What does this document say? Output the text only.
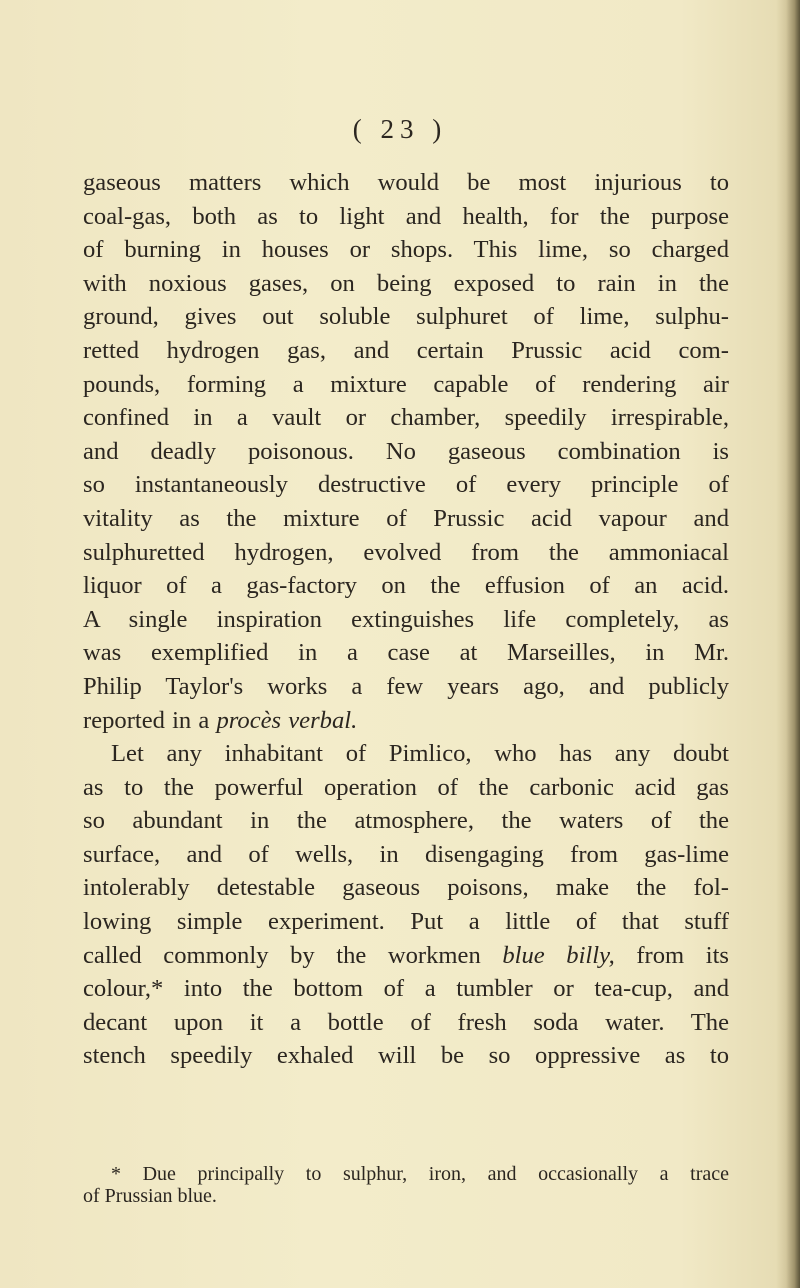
( 23 )
gaseous matters which would be most injurious to
coal-gas, both as to light and health, for the purpose
of burning in houses or shops. This lime, so charged
with noxious gases, on being exposed to rain in the
ground, gives out soluble sulphuret of lime, sulphu-
retted hydrogen gas, and certain Prussic acid com-
pounds, forming a mixture capable of rendering air
confined in a vault or chamber, speedily irrespirable,
and deadly poisonous. No gaseous combination is
so instantaneously destructive of every principle of
vitality as the mixture of Prussic acid vapour and
sulphuretted hydrogen, evolved from the ammoniacal
liquor of a gas-factory on the effusion of an acid.
A single inspiration extinguishes life completely, as
was exemplified in a case at Marseilles, in Mr.
Philip Taylor's works a few years ago, and publicly
reported in a procès verbal.
Let any inhabitant of Pimlico, who has any doubt
as to the powerful operation of the carbonic acid gas
so abundant in the atmosphere, the waters of the
surface, and of wells, in disengaging from gas-lime
intolerably detestable gaseous poisons, make the fol-
lowing simple experiment. Put a little of that stuff
called commonly by the workmen blue billy, from its
colour,* into the bottom of a tumbler or tea-cup, and
decant upon it a bottle of fresh soda water. The
stench speedily exhaled will be so oppressive as to
* Due principally to sulphur, iron, and occasionally a trace
of Prussian blue.
